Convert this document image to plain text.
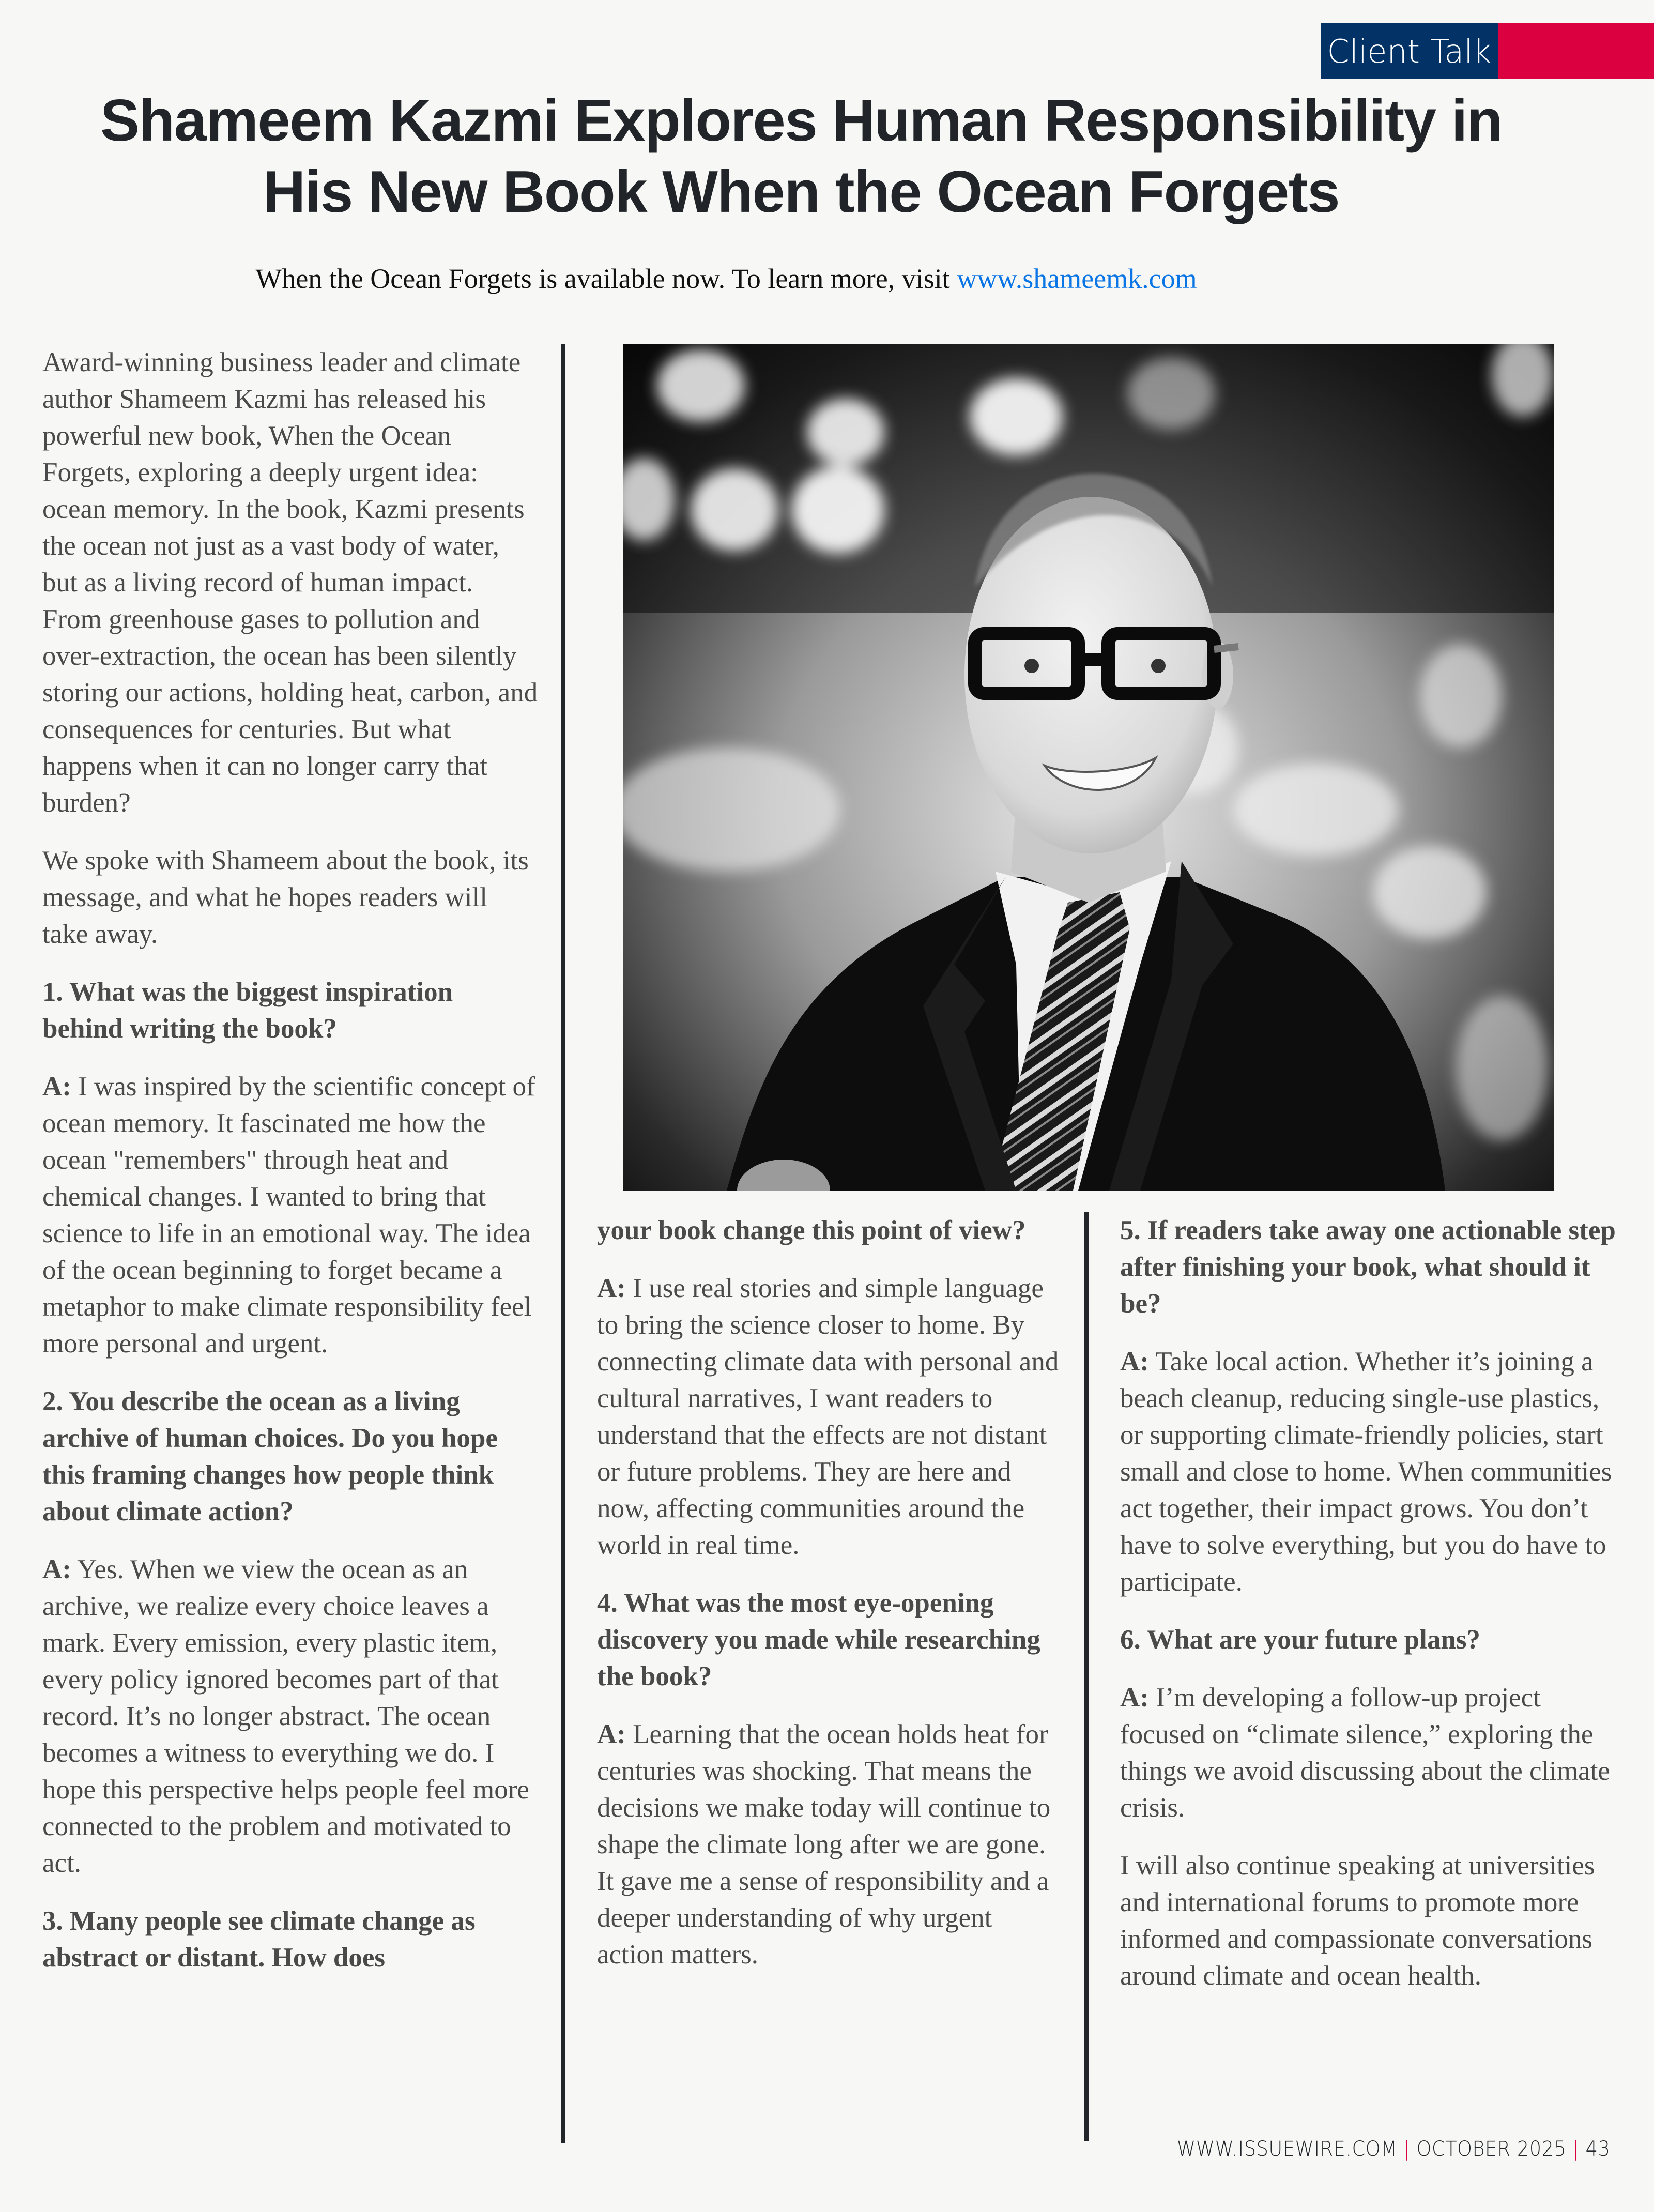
Client Talk
Shameem Kazmi Explores Human Responsibility in
His New Book When the Ocean Forgets
When the Ocean Forgets is available now. To learn more, visit www.shameemk.com

Award-winning business leader and climate author Shameem Kazmi has released his powerful new book, When the Ocean Forgets, exploring a deeply urgent idea: ocean memory. In the book, Kazmi presents the ocean not just as a vast body of water, but as a living record of human impact. From greenhouse gases to pollution and over-extraction, the ocean has been silently storing our actions, holding heat, carbon, and consequences for centuries. But what happens when it can no longer carry that burden?

We spoke with Shameem about the book, its message, and what he hopes readers will take away.

1. What was the biggest inspiration behind writing the book?

A: I was inspired by the scientific concept of ocean memory. It fascinated me how the ocean "remembers" through heat and chemical changes. I wanted to bring that science to life in an emotional way. The idea of the ocean beginning to forget became a metaphor to make climate responsibility feel more personal and urgent.

2. You describe the ocean as a living archive of human choices. Do you hope this framing changes how people think about climate action?

A: Yes. When we view the ocean as an archive, we realize every choice leaves a mark. Every emission, every plastic item, every policy ignored becomes part of that record. It’s no longer abstract. The ocean becomes a witness to everything we do. I hope this perspective helps people feel more connected to the problem and motivated to act.

3. Many people see climate change as abstract or distant. How does

your book change this point of view?

A: I use real stories and simple language to bring the science closer to home. By connecting climate data with personal and cultural narratives, I want readers to understand that the effects are not distant or future problems. They are here and now, affecting communities around the world in real time.

4. What was the most eye-opening discovery you made while researching the book?

A: Learning that the ocean holds heat for centuries was shocking. That means the decisions we make today will continue to shape the climate long after we are gone. It gave me a sense of responsibility and a deeper understanding of why urgent action matters.

5. If readers take away one actionable step after finishing your book, what should it be?

A: Take local action. Whether it’s joining a beach cleanup, reducing single-use plastics, or supporting climate-friendly policies, start small and close to home. When communities act together, their impact grows. You don’t have to solve everything, but you do have to participate.

6. What are your future plans?

A: I’m developing a follow-up project focused on “climate silence,” exploring the things we avoid discussing about the climate crisis.

I will also continue speaking at universities and international forums to promote more informed and compassionate conversations around climate and ocean health.

WWW.ISSUEWIRE.COM | OCTOBER 2025 | 43
